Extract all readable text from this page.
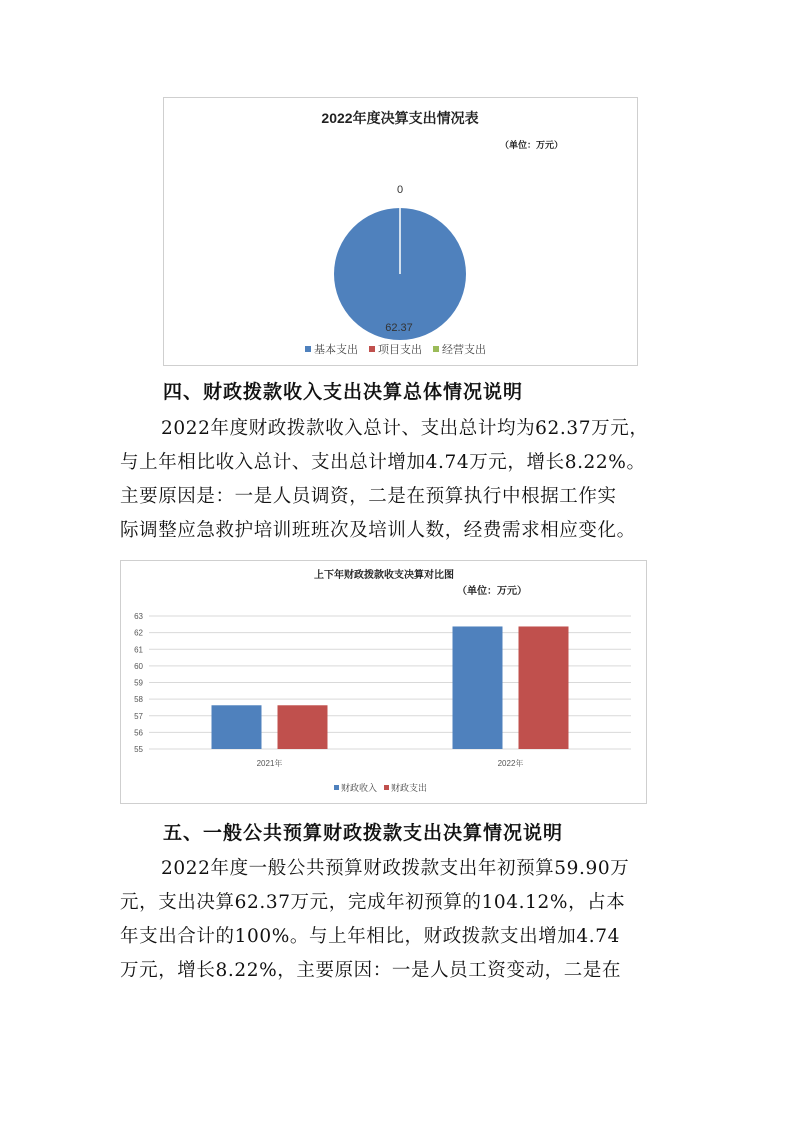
2022年度决算支出情况表
（单位：万元）
62.37
0
基本支出 项目支出 经营支出
四、财政拨款收入支出决算总体情况说明
2022年度财政拨款收入总计、支出总计均为62.37万元，
与上年相比收入总计、支出总计增加4.74万元，增长8.22%。
主要原因是：一是人员调资，二是在预算执行中根据工作实
际调整应急救护培训班班次及培训人数，经费需求相应变化。
上下年财政拨款收支决算对比图
（单位：万元）
55
56
57
58
59
60
61
62
63
2021年	2022年
财政收入 财政支出
五、一般公共预算财政拨款支出决算情况说明
2022年度一般公共预算财政拨款支出年初预算59.90万
元，支出决算62.37万元，完成年初预算的104.12%，占本
年支出合计的100%。与上年相比，财政拨款支出增加4.74
万元，增长8.22%，主要原因：一是人员工资变动，二是在
